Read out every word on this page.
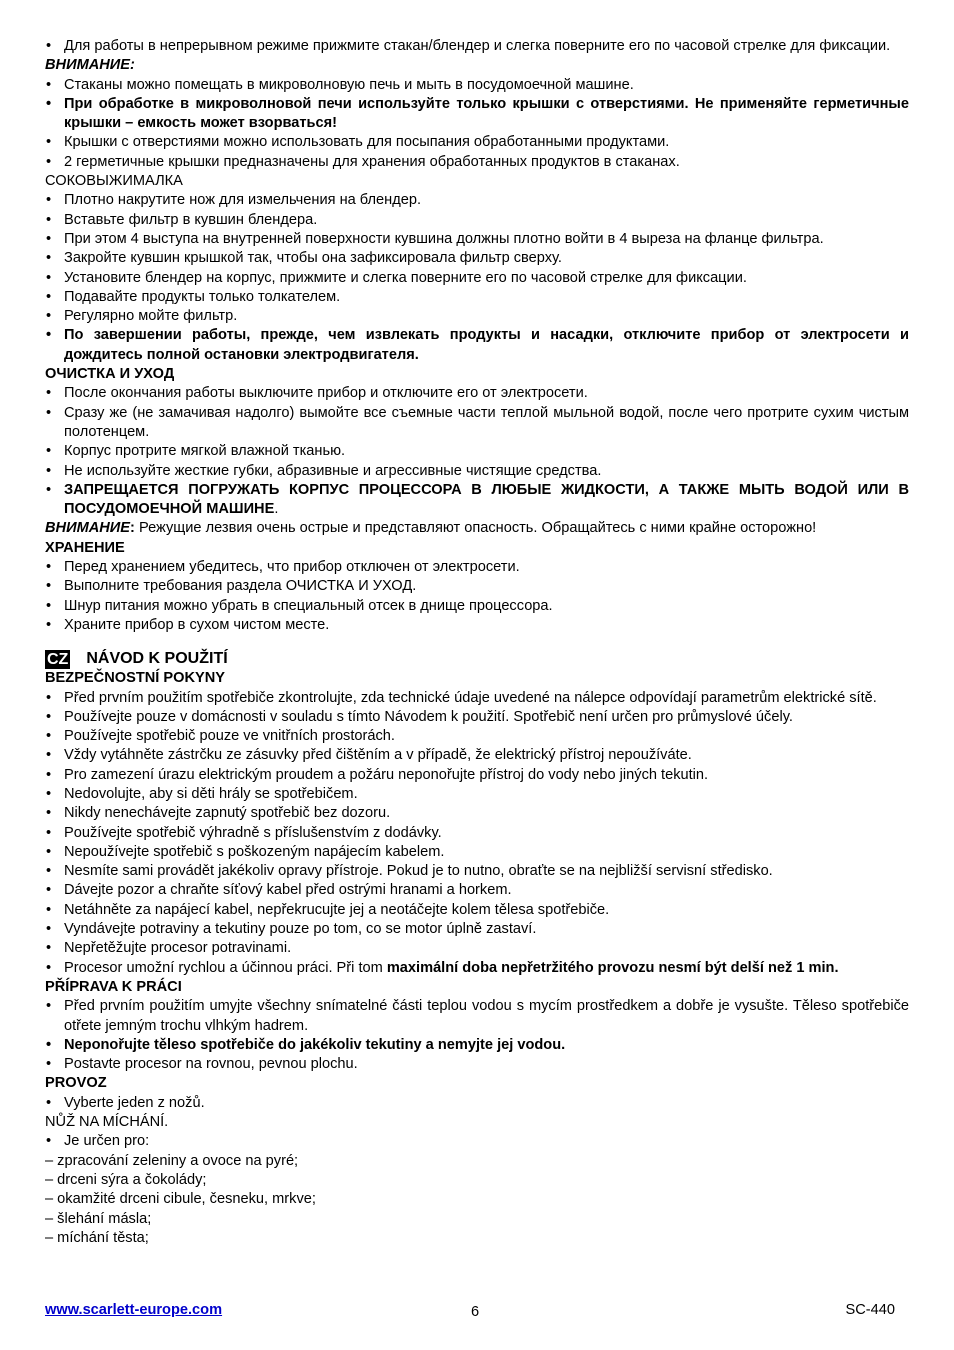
• Для работы в непрерывном режиме прижмите стакан/блендер и слегка поверните его по часовой стрелке для фиксации.
ВНИМАНИЕ:
• Стаканы можно помещать в микроволновую печь и мыть в посудомоечной машине.
• При обработке в микроволновой печи используйте только крышки с отверстиями. Не применяйте герметичные крышки – емкость может взорваться!
• Крышки с отверстиями можно использовать для посыпания обработанными продуктами.
• 2 герметичные крышки предназначены для хранения обработанных продуктов в стаканах.
СОКОВЫЖИМАЛКА
• Плотно накрутите нож для измельчения на блендер.
• Вставьте фильтр в кувшин блендера.
• При этом 4 выступа на внутренней поверхности кувшина должны плотно войти в 4 выреза на фланце фильтра.
• Закройте кувшин крышкой так, чтобы она зафиксировала фильтр сверху.
• Установите блендер на корпус, прижмите и слегка поверните его по часовой стрелке для фиксации.
• Подавайте продукты только толкателем.
• Регулярно мойте фильтр.
• По завершении работы, прежде, чем извлекать продукты и насадки, отключите прибор от электросети и дождитесь полной остановки электродвигателя.
ОЧИСТКА И УХОД
• После окончания работы выключите прибор и отключите его от электросети.
• Сразу же (не замачивая надолго) вымойте все съемные части теплой мыльной водой, после чего протрите сухим чистым полотенцем.
• Корпус протрите мягкой влажной тканью.
• Не используйте жесткие губки, абразивные и агрессивные чистящие средства.
• ЗАПРЕЩАЕТСЯ ПОГРУЖАТЬ КОРПУС ПРОЦЕССОРА В ЛЮБЫЕ ЖИДКОСТИ, А ТАКЖЕ МЫТЬ ВОДОЙ ИЛИ В ПОСУДОМОЕЧНОЙ МАШИНЕ.
ВНИМАНИЕ: Режущие лезвия очень острые и представляют опасность. Обращайтесь с ними крайне осторожно!
ХРАНЕНИЕ
• Перед хранением убедитесь, что прибор отключен от электросети.
• Выполните требования раздела ОЧИСТКА И УХОД.
• Шнур питания можно убрать в специальный отсек в днище процессора.
• Храните прибор в сухом чистом месте.
CZ NÁVOD K POUŽITÍ
BEZPEČNOSTNÍ POKYNY
• Před prvním použitím spotřebiče zkontrolujte, zda technické údaje uvedené na nálepce odpovídají parametrům elektrické sítě.
• Používejte pouze v domácnosti v souladu s tímto Návodem k použití. Spotřebič není určen pro průmyslové účely.
• Používejte spotřebič pouze ve vnitřních prostorách.
• Vždy vytáhněte zástrčku ze zásuvky před čištěním a v případě, že elektrický přístroj nepoužíváte.
• Pro zamezení úrazu elektrickým proudem a požáru neponořujte přístroj do vody nebo jiných tekutin.
• Nedovolujte, aby si děti hrály se spotřebičem.
• Nikdy nenechávejte zapnutý spotřebič bez dozoru.
• Používejte spotřebič výhradně s příslušenstvím z dodávky.
• Nepoužívejte spotřebič s poškozeným napájecím kabelem.
• Nesmíte sami provádět jakékoliv opravy přístroje. Pokud je to nutno, obraťte se na nejbližší servisní středisko.
• Dávejte pozor a chraňte síťový kabel před ostrými hranami a horkem.
• Netáhněte za napájecí kabel, nepřekrucujte jej a neotáčejte kolem tělesa spotřebiče.
• Vyndávejte potraviny a tekutiny pouze po tom, co se motor úplně zastaví.
• Nepřetěžujte procesor potravinami.
• Procesor umožní rychlou a účinnou práci. Při tom maximální doba nepřetržitého provozu nesmí být delší než 1 min.
PŘÍPRAVA K PRÁCI
• Před prvním použitím umyjte všechny snímatelné části teplou vodou s mycím prostředkem a dobře je vysušte. Těleso spotřebiče otřete jemným trochu vlhkým hadrem.
• Neponořujte těleso spotřebiče do jakékoliv tekutiny a nemyjte jej vodou.
• Postavte procesor na rovnou, pevnou plochu.
PROVOZ
• Vyberte jeden z nožů.
NŮŽ NA MÍCHÁNÍ.
• Je určen pro:
– zpracování zeleniny a ovoce na pyré;
– drceni sýra a čokolády;
– okamžité drceni cibule, česneku, mrkve;
– šlehání másla;
– míchání těsta;
www.scarlett-europe.com	6	SC-440
